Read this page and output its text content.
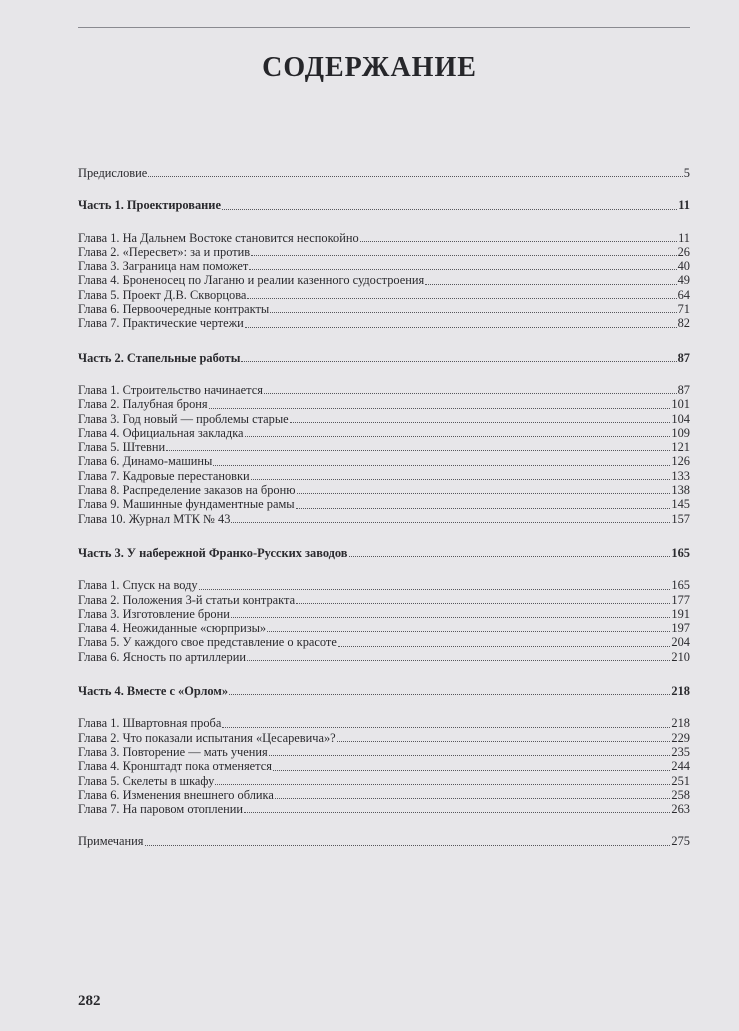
СОДЕРЖАНИЕ
Предисловие	5
Часть 1. Проектирование	11
Глава 1. На Дальнем Востоке становится неспокойно	11
Глава 2. «Пересвет»: за и против	26
Глава 3. Заграница нам поможет	40
Глава 4. Броненосец по Лаганю и реалии казенного судостроения	49
Глава 5. Проект Д.В. Скворцова	64
Глава 6. Первоочередные контракты	71
Глава 7. Практические чертежи	82
Часть 2. Стапельные работы	87
Глава 1. Строительство начинается	87
Глава 2. Палубная броня	101
Глава 3. Год новый — проблемы старые	104
Глава 4. Официальная закладка	109
Глава 5. Штевни	121
Глава 6. Динамо-машины	126
Глава 7. Кадровые перестановки	133
Глава 8. Распределение заказов на броню	138
Глава 9. Машинные фундаментные рамы	145
Глава 10. Журнал МТК № 43	157
Часть 3. У набережной Франко-Русских заводов	165
Глава 1. Спуск на воду	165
Глава 2. Положения 3-й статьи контракта	177
Глава 3. Изготовление брони	191
Глава 4. Неожиданные «сюрпризы»	197
Глава 5. У каждого свое представление о красоте	204
Глава 6. Ясность по артиллерии	210
Часть 4. Вместе с «Орлом»	218
Глава 1. Швартовная проба	218
Глава 2. Что показали испытания «Цесаревича»?	229
Глава 3. Повторение — мать учения	235
Глава 4. Кронштадт пока отменяется	244
Глава 5. Скелеты в шкафу	251
Глава 6. Изменения внешнего облика	258
Глава 7. На паровом отоплении	263
Примечания	275
282
